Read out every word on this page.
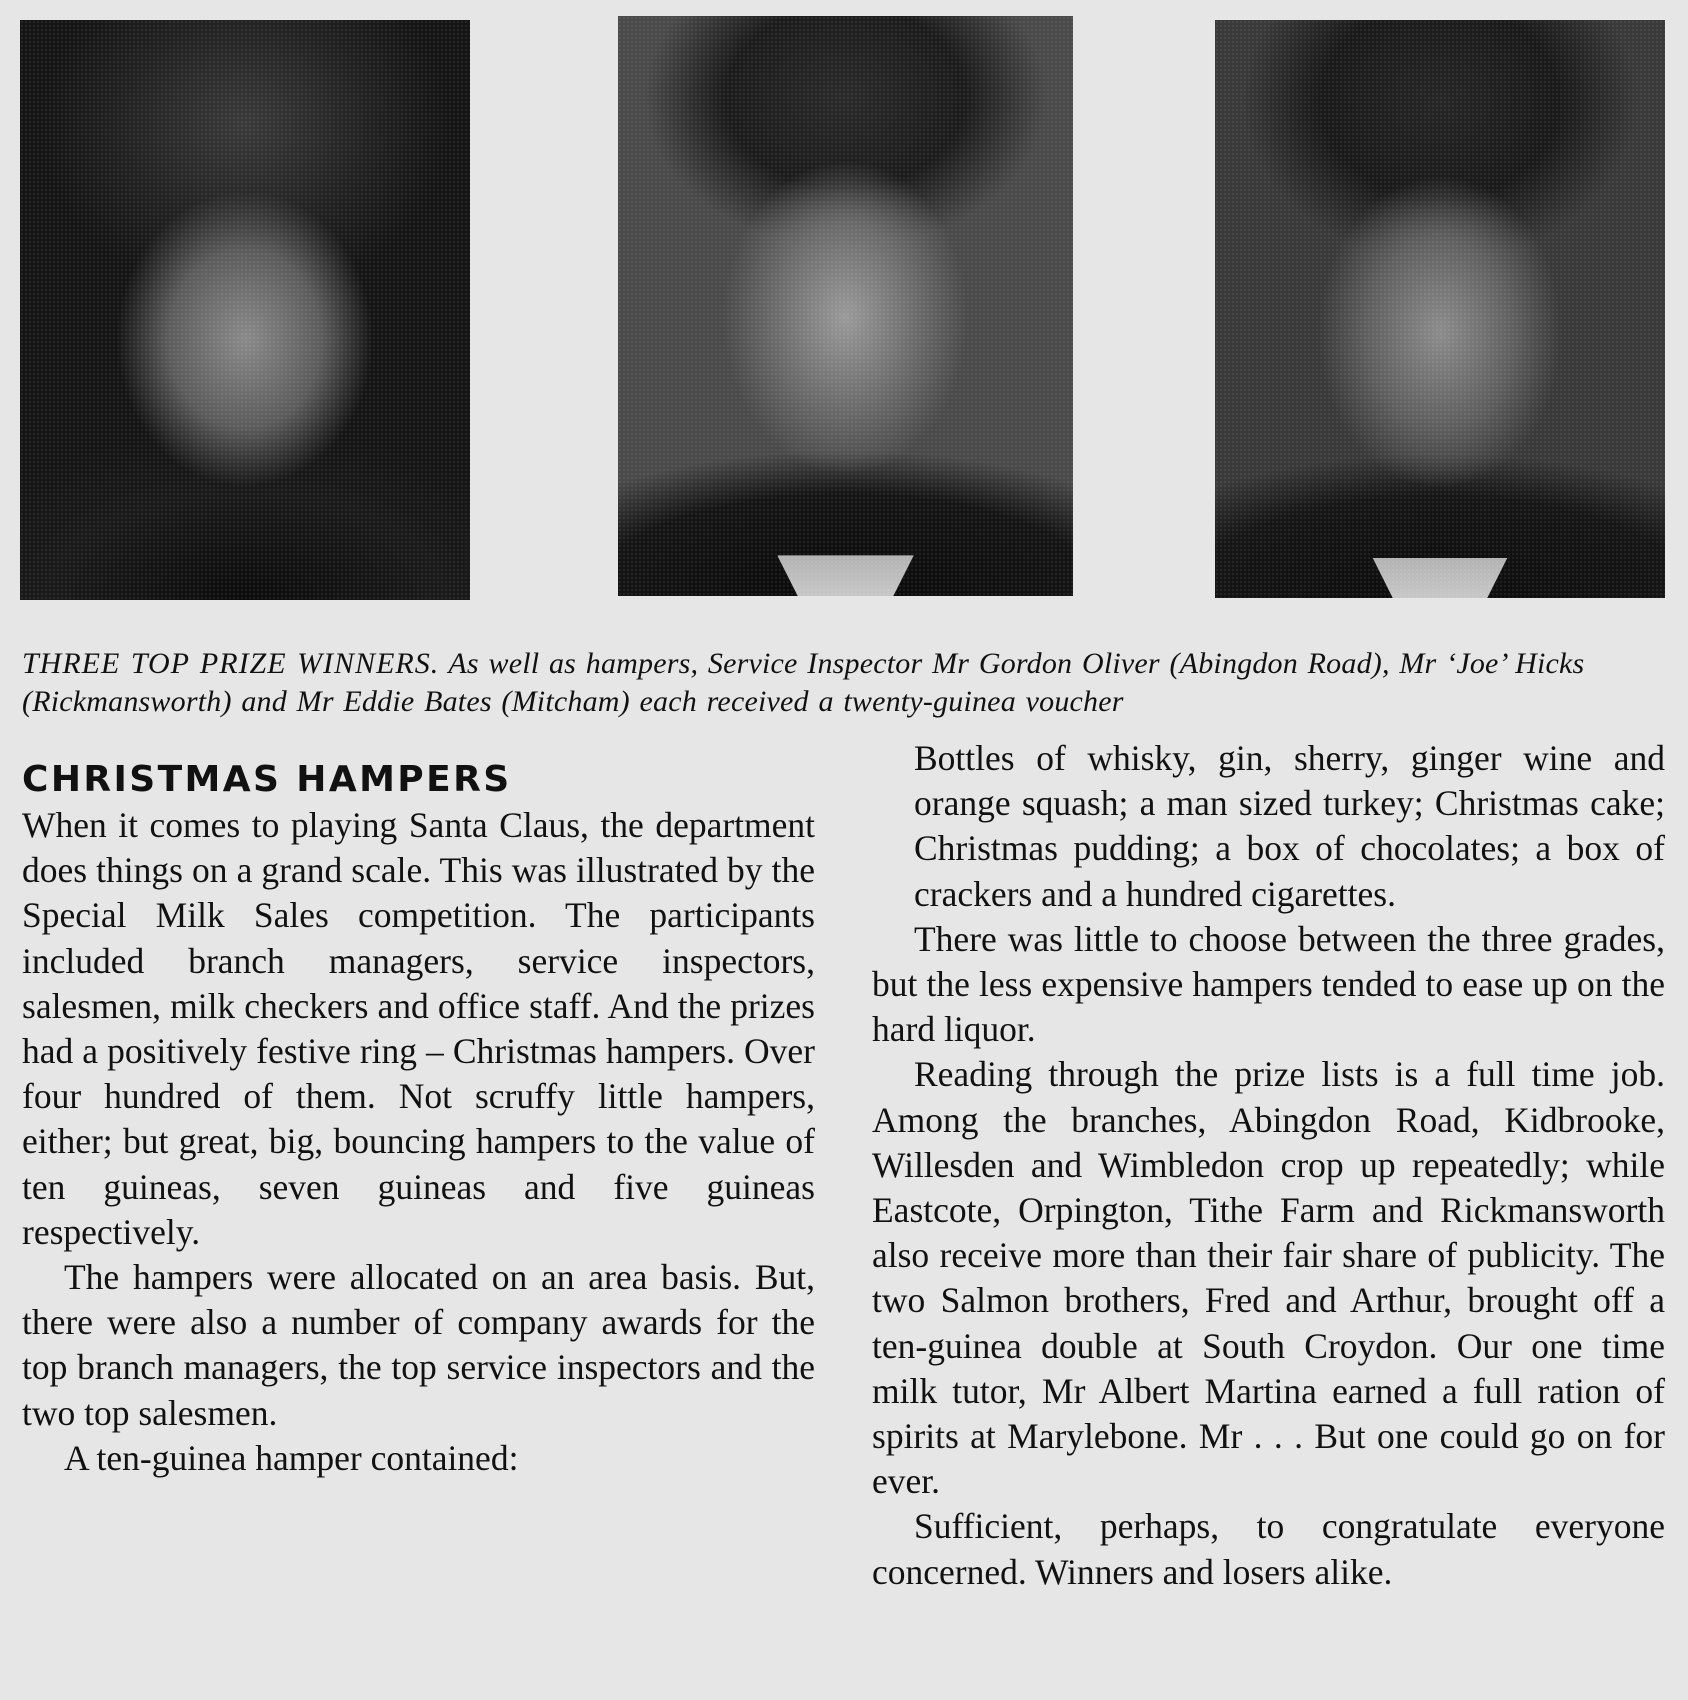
THREE TOP PRIZE WINNERS. As well as hampers, Service Inspector Mr Gordon Oliver (Abingdon Road), Mr ‘Joe’ Hicks (Rickmansworth) and Mr Eddie Bates (Mitcham) each received a twenty-guinea voucher
CHRISTMAS HAMPERS

When it comes to playing Santa Claus, the department does things on a grand scale. This was illustrated by the Special Milk Sales competition. The participants included branch managers, service inspectors, salesmen, milk checkers and office staff. And the prizes had a positively festive ring – Christmas hampers. Over four hundred of them. Not scruffy little hampers, either; but great, big, bouncing hampers to the value of ten guineas, seven guineas and five guineas respectively.

The hampers were allocated on an area basis. But, there were also a number of company awards for the top branch managers, the top service inspectors and the two top salesmen.

A ten-guinea hamper contained:

Bottles of whisky, gin, sherry, ginger wine and orange squash; a man sized turkey; Christmas cake; Christmas pudding; a box of chocolates; a box of crackers and a hundred cigarettes.

There was little to choose between the three grades, but the less expensive hampers tended to ease up on the hard liquor.

Reading through the prize lists is a full time job. Among the branches, Abingdon Road, Kidbrooke, Willesden and Wimbledon crop up repeatedly; while Eastcote, Orpington, Tithe Farm and Rickmansworth also receive more than their fair share of publicity. The two Salmon brothers, Fred and Arthur, brought off a ten-guinea double at South Croydon. Our one time milk tutor, Mr Albert Martina earned a full ration of spirits at Marylebone. Mr . . . But one could go on for ever.

Sufficient, perhaps, to congratulate everyone concerned. Winners and losers alike.
